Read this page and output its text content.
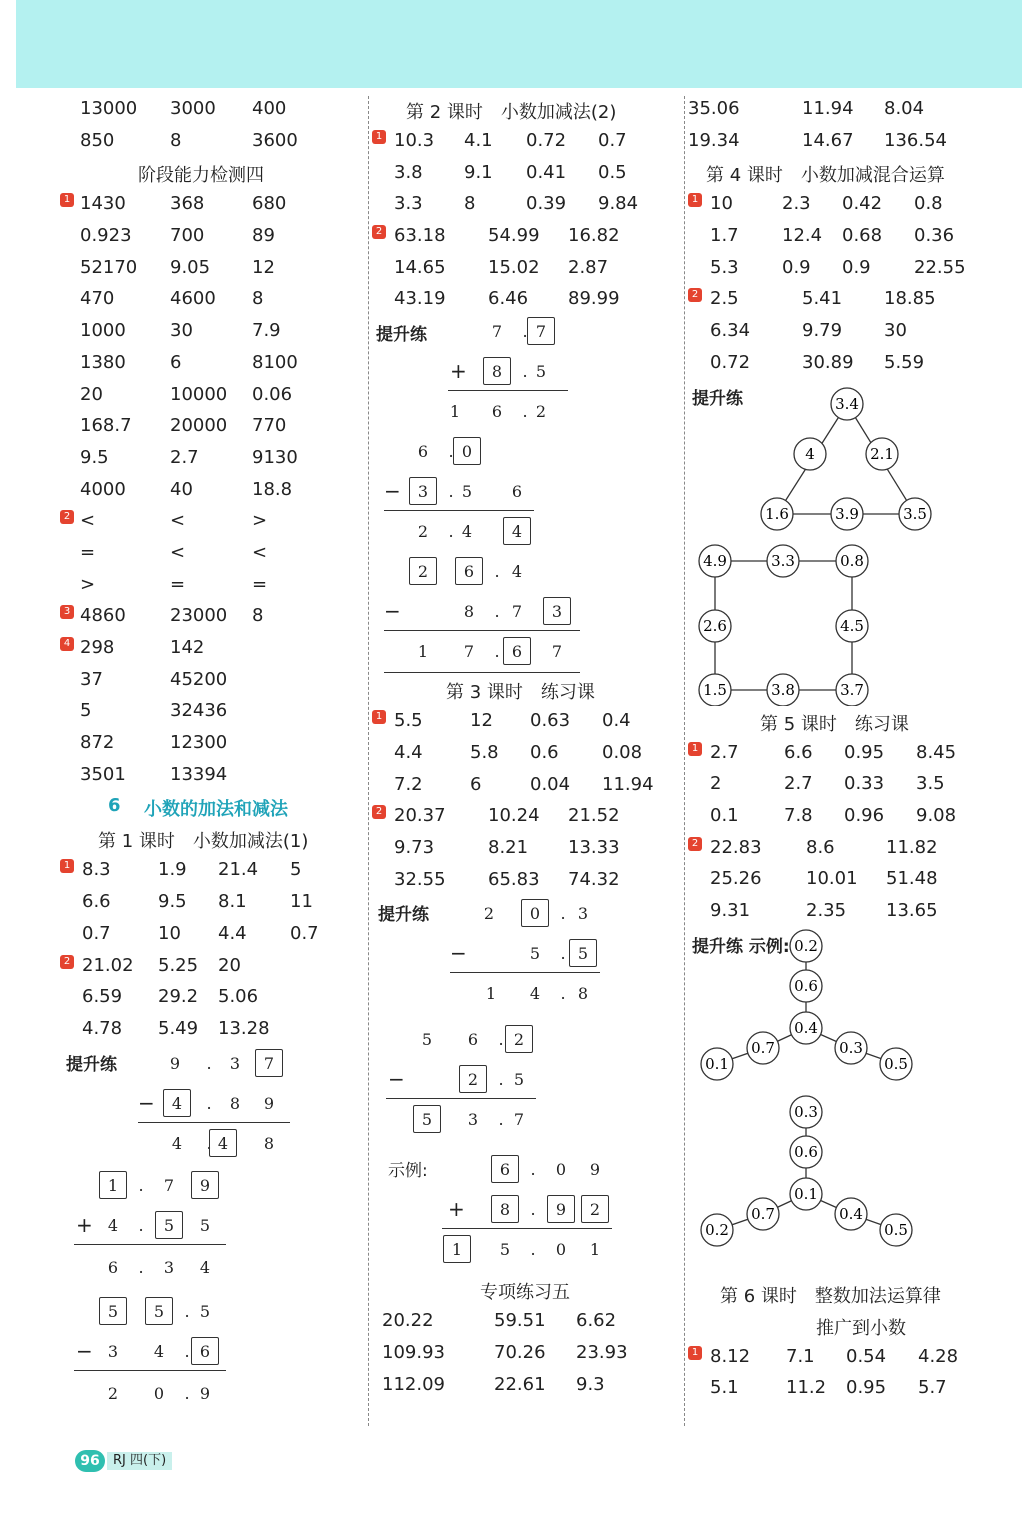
13000 3000 400
850	8	3600
阶段能力检测四
1 1430 368	680
0.923 700	89
52170 9.05 12
470	4600 8
1000 30	7.9
1380 6	8100
20	10000 0.06
168.7 20000 770
9.5	2.7	9130
4000 40	18.8
2 <	<	>
=	<	<
>	=	=
3 4860 23000 8
4 298	142
37	45200
5	32436
872	12300
3501 13394
6 小数的加法和减法
第 1 课时　小数加减法(1)
1 8.3	1.9 21.4 5
6.6	9.5 8.1 11
0.7	10 4.4 0.7
2 21.02 5.25 20
6.59 29.2 5.06
4.78 5.49 13.28
提升练	9	.	3	7
4	.	8	9
4	. 4	8
−
1	.	7	9
4	.	5	5
6	.	3	4
+
5	5	. 5
3	4	. 6
2	0	. 9
−
第 2 课时　小数加减法(2)
1 10.3 4.1 0.72 0.7
3.8 9.1 0.41 0.5
3.3 8	0.39 9.84
2 63.18 54.99 16.82
14.65 15.02 2.87
43.19 6.46 89.99
提升练	7	. 7
8	. 5
1	6	. 2
+
6	. 0
3	. 5	6
2	. 4	4
−
2	6	. 4
8	. 7	3
1	7	. 6	7
−
第 3 课时　练习课
1 5.5	12 0.63 0.4
4.4	5.8 0.6 0.08
7.2	6	0.04 11.94
2 20.37 10.24 21.52
9.73	8.21 13.33
32.55 65.83 74.32
提升练	2	0	. 3
5	. 5
1	4	. 8
−
5	6	. 2
2	. 5
5	3	. 7
−
示例:	6	.	0	9
8	.	9	2
1	5	.	0	1
+
专项练习五
20.22	59.51 6.62
109.93	70.26 23.93
112.09	22.61 9.3
35.06	11.94 8.04
19.34	14.67 136.54
第 4 课时　小数加减混合运算
1 10	2.3 0.42 0.8
1.7 12.4 0.68 0.36
5.3 0.9 0.9 22.55
2 2.5	5.41 18.85
6.34	9.79 30
0.72	30.89 5.59
提升练	3.4
4	2.1
1.6	3.9	3.5
4.9	3.3	0.8
2.6	4.5
1.5	3.8	3.7
第 5 课时　练习课
1 2.7	6.6 0.95 8.45
2	2.7 0.33 3.5
0.1	7.8 0.96 9.08
2 22.83 8.6	11.82
25.26 10.01 51.48
9.31	2.35 13.65
提升练 示例: 0.2
0.6
0.4
0.7	0.3
0.1	0.5
0.3
0.6
0.1
0.7	0.4
0.2	0.5
第 6 课时　整数加法运算律
推广到小数
1 8.12 7.1 0.54 4.28
5.1	11.2 0.95 5.7
96	RJ 四(下)
